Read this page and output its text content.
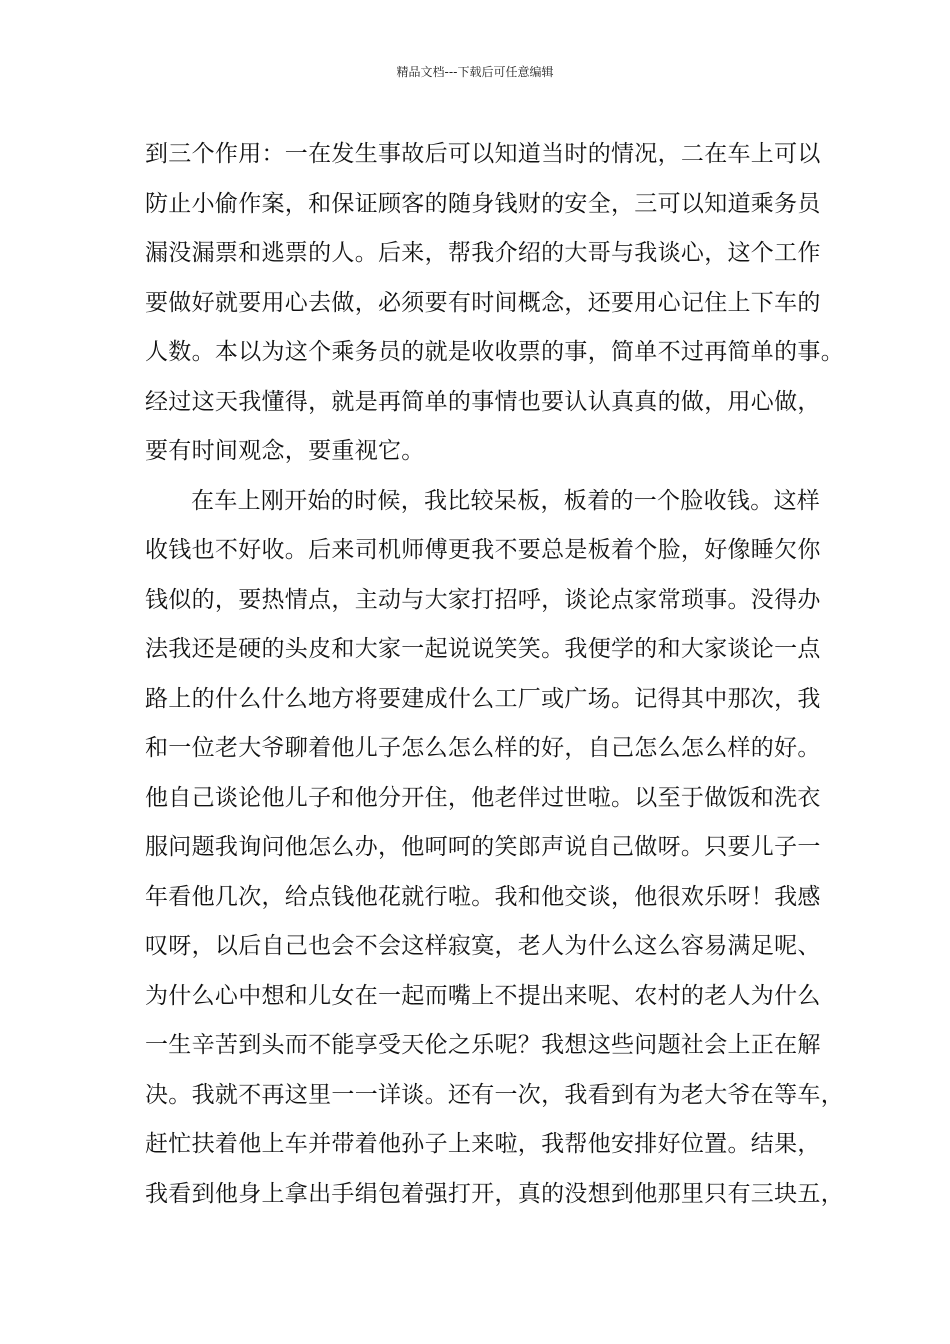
精品文档---下载后可任意编辑
到三个作用：一在发生事故后可以知道当时的情况，二在车上可以
防止小偷作案，和保证顾客的随身钱财的安全，三可以知道乘务员
漏没漏票和逃票的人。后来，帮我介绍的大哥与我谈心，这个工作
要做好就要用心去做，必须要有时间概念，还要用心记住上下车的
人数。本以为这个乘务员的就是收收票的事，简单不过再简单的事。
经过这天我懂得，就是再简单的事情也要认认真真的做，用心做，
要有时间观念，要重视它。
在车上刚开始的时候，我比较呆板，板着的一个脸收钱。这样
收钱也不好收。后来司机师傅更我不要总是板着个脸，好像睡欠你
钱似的，要热情点，主动与大家打招呼，谈论点家常琐事。没得办
法我还是硬的头皮和大家一起说说笑笑。我便学的和大家谈论一点
路上的什么什么地方将要建成什么工厂或广场。记得其中那次，我
和一位老大爷聊着他儿子怎么怎么样的好，自己怎么怎么样的好。
他自己谈论他儿子和他分开住，他老伴过世啦。以至于做饭和洗衣
服问题我询问他怎么办，他呵呵的笑郎声说自己做呀。只要儿子一
年看他几次，给点钱他花就行啦。我和他交谈，他很欢乐呀！我感
叹呀，以后自己也会不会这样寂寞，老人为什么这么容易满足呢、
为什么心中想和儿女在一起而嘴上不提出来呢、农村的老人为什么
一生辛苦到头而不能享受天伦之乐呢？我想这些问题社会上正在解
决。我就不再这里一一详谈。还有一次，我看到有为老大爷在等车，
赶忙扶着他上车并带着他孙子上来啦，我帮他安排好位置。结果，
我看到他身上拿出手绢包着强打开，真的没想到他那里只有三块五，
